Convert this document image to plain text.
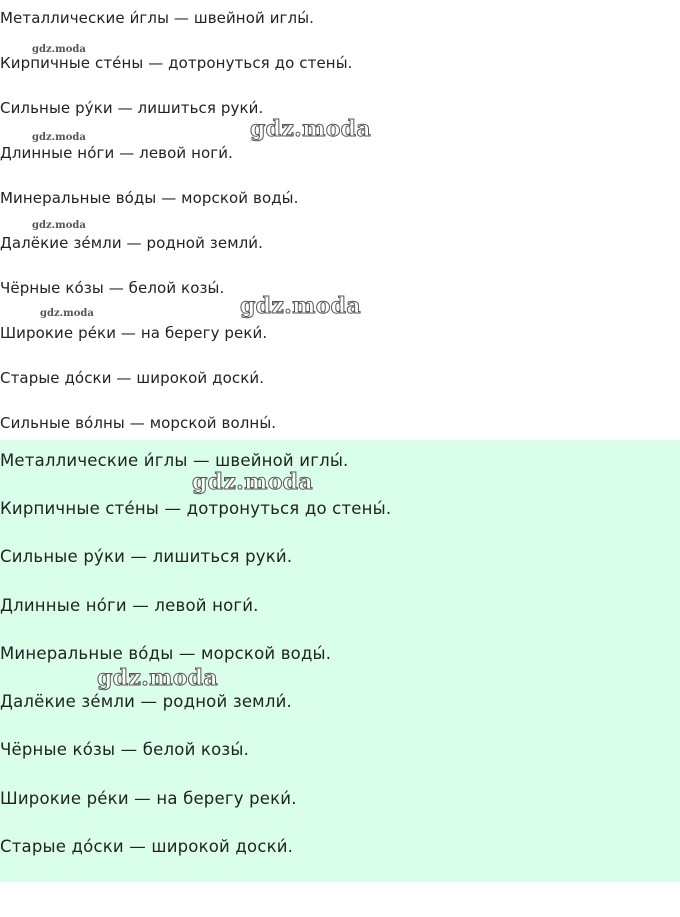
Металлические и́глы — швейной иглы́.
Кирпичные сте́ны — дотронуться до стены́.
Сильные ру́ки — лишиться руки́.
Длинные но́ги — левой ноги́.
Минеральные во́ды — морской воды́.
Далёкие зе́мли — родной земли́.
Чёрные ко́зы — белой козы́.
Широкие ре́ки — на берегу реки́.
Старые до́ски — широкой доски́.
Сильные во́лны — морской волны́.
gdz.moda
gdz.moda
gdz.moda
gdz.moda
gdz.moda
gdz.moda
Металлические и́глы — швейной иглы́.
Кирпичные сте́ны — дотронуться до стены́.
Сильные ру́ки — лишиться руки́.
Длинные но́ги — левой ноги́.
Минеральные во́ды — морской воды́.
Далёкие зе́мли — родной земли́.
Чёрные ко́зы — белой козы́.
Широкие ре́ки — на берегу реки́.
Старые до́ски — широкой доски́.
gdz.moda
gdz.moda
